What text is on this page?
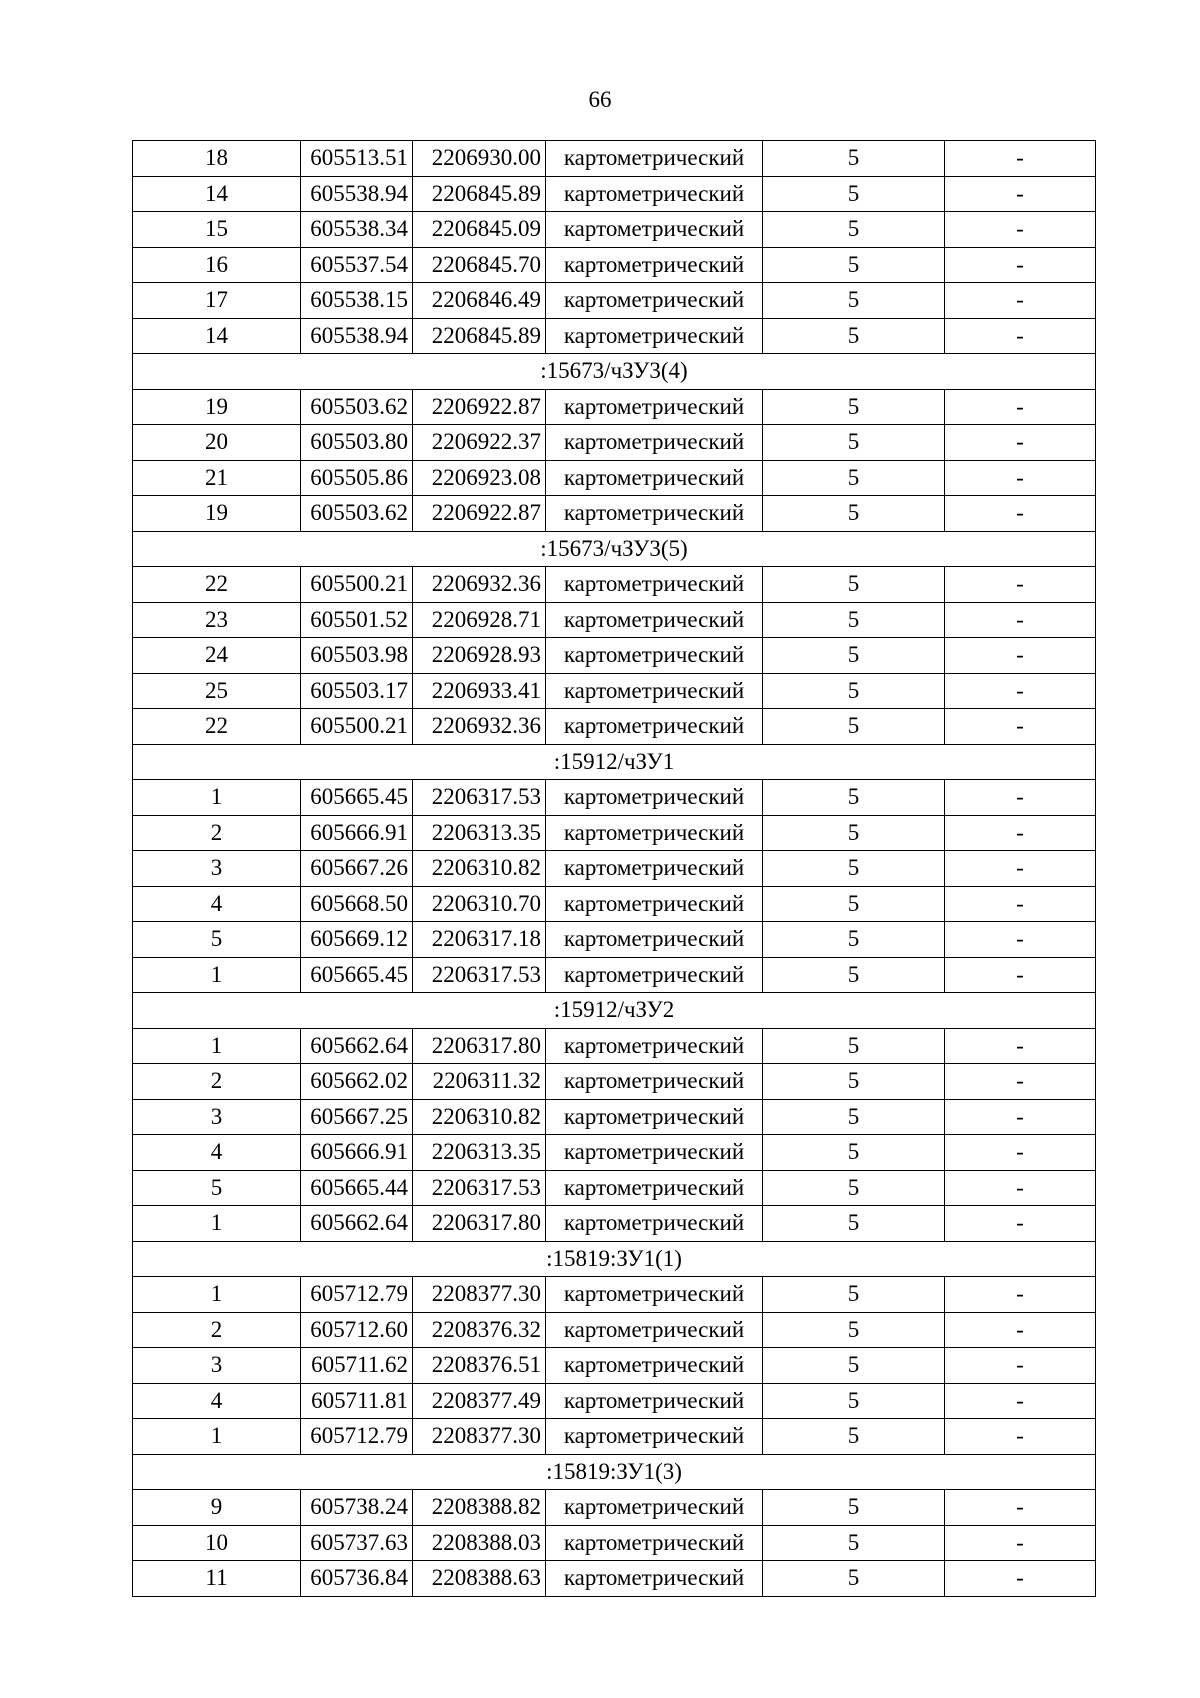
66
18	605513.51	2206930.00	картометрический	5	-
14	605538.94	2206845.89	картометрический	5	-
15	605538.34	2206845.09	картометрический	5	-
16	605537.54	2206845.70	картометрический	5	-
17	605538.15	2206846.49	картометрический	5	-
14	605538.94	2206845.89	картометрический	5	-
:15673/чЗУ3(4)					
19	605503.62	2206922.87	картометрический	5	-
20	605503.80	2206922.37	картометрический	5	-
21	605505.86	2206923.08	картометрический	5	-
19	605503.62	2206922.87	картометрический	5	-
:15673/чЗУ3(5)					
22	605500.21	2206932.36	картометрический	5	-
23	605501.52	2206928.71	картометрический	5	-
24	605503.98	2206928.93	картометрический	5	-
25	605503.17	2206933.41	картометрический	5	-
22	605500.21	2206932.36	картометрический	5	-
:15912/чЗУ1					
1	605665.45	2206317.53	картометрический	5	-
2	605666.91	2206313.35	картометрический	5	-
3	605667.26	2206310.82	картометрический	5	-
4	605668.50	2206310.70	картометрический	5	-
5	605669.12	2206317.18	картометрический	5	-
1	605665.45	2206317.53	картометрический	5	-
:15912/чЗУ2					
1	605662.64	2206317.80	картометрический	5	-
2	605662.02	2206311.32	картометрический	5	-
3	605667.25	2206310.82	картометрический	5	-
4	605666.91	2206313.35	картометрический	5	-
5	605665.44	2206317.53	картометрический	5	-
1	605662.64	2206317.80	картометрический	5	-
:15819:ЗУ1(1)					
1	605712.79	2208377.30	картометрический	5	-
2	605712.60	2208376.32	картометрический	5	-
3	605711.62	2208376.51	картометрический	5	-
4	605711.81	2208377.49	картометрический	5	-
1	605712.79	2208377.30	картометрический	5	-
:15819:ЗУ1(3)					
9	605738.24	2208388.82	картометрический	5	-
10	605737.63	2208388.03	картометрический	5	-
11	605736.84	2208388.63	картометрический	5	-
